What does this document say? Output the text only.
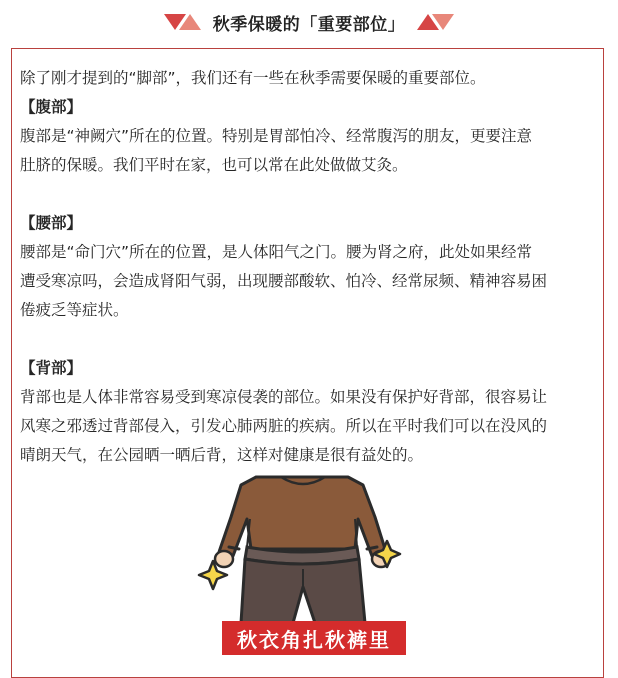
秋季保暖的「重要部位」

除了刚才提到的“脚部”，我们还有一些在秋季需要保暖的重要部位。

【腹部】

腹部是“神阙穴”所在的位置。特别是胃部怕冷、经常腹泻的朋友，更要注意

肚脐的保暖。我们平时在家，也可以常在此处做做艾灸。

【腰部】

腰部是“命门穴”所在的位置，是人体阳气之门。腰为肾之府，此处如果经常

遭受寒凉吗，会造成肾阳气弱，出现腰部酸软、怕冷、经常尿频、精神容易困

倦疲乏等症状。

【背部】

背部也是人体非常容易受到寒凉侵袭的部位。如果没有保护好背部，很容易让

风寒之邪透过背部侵入，引发心肺两脏的疾病。所以在平时我们可以在没风的

晴朗天气，在公园晒一晒后背，这样对健康是很有益处的。

秋衣角扎秋裤里
